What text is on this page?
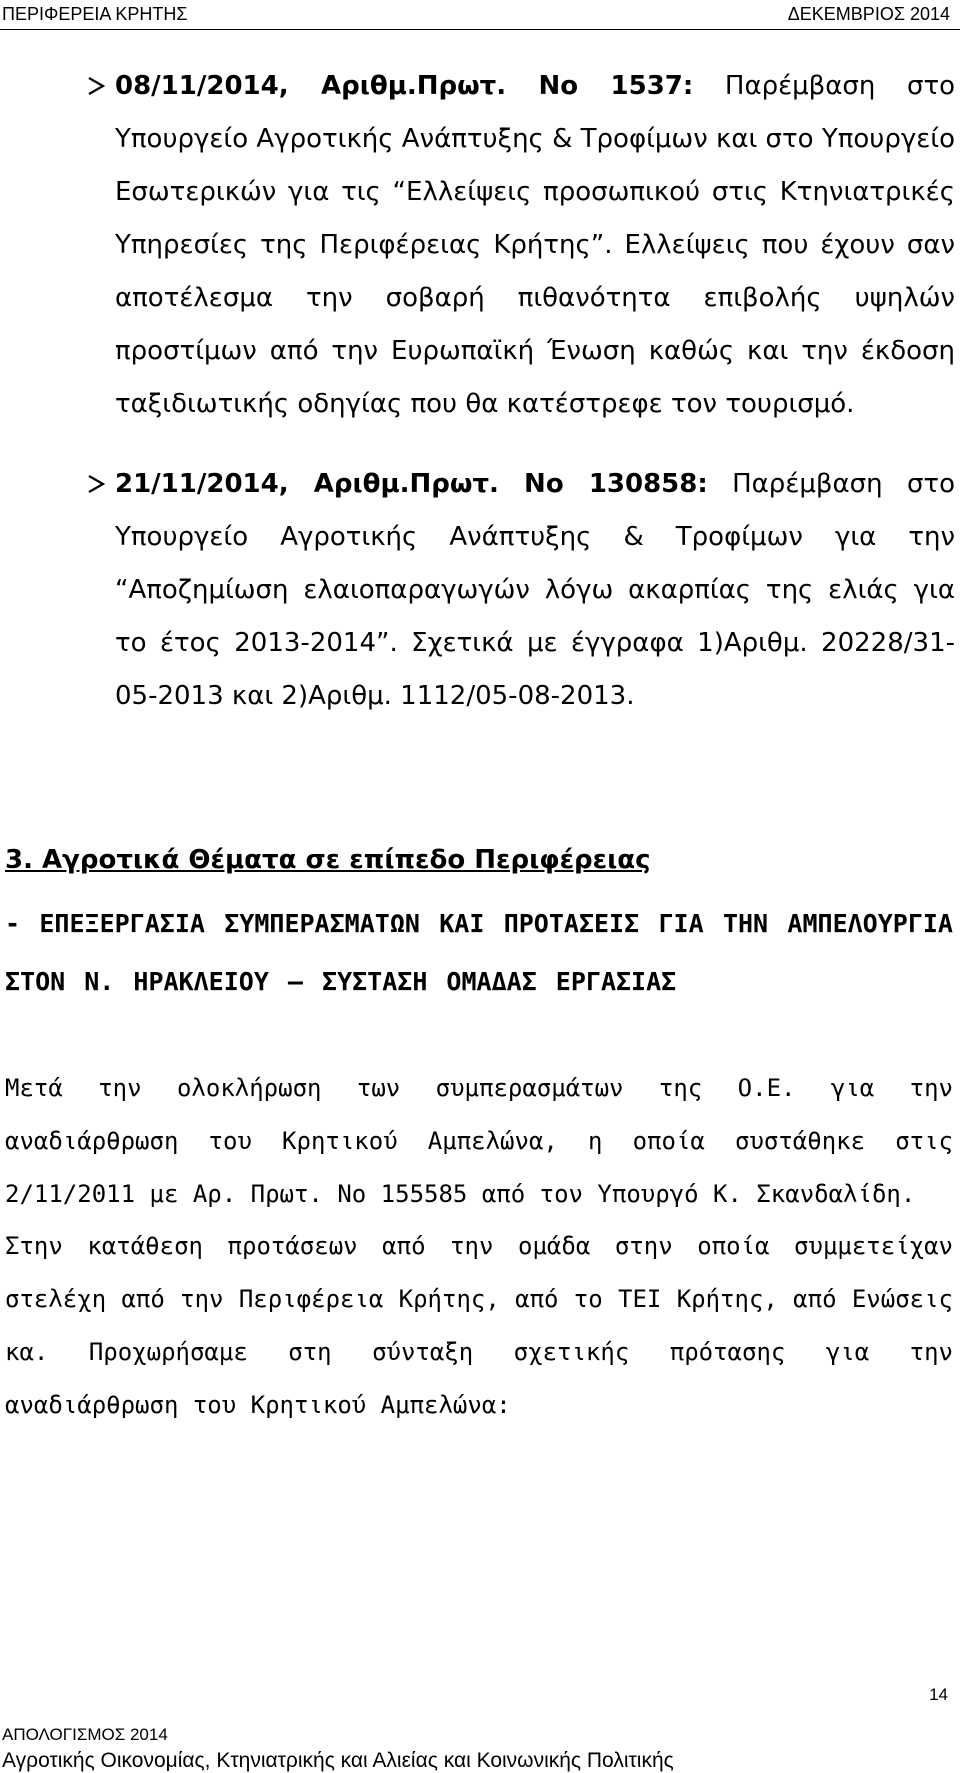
ΠΕΡΙΦΕΡΕΙΑ ΚΡΗΤΗΣ	ΔΕΚΕΜΒΡΙΟΣ 2014
08/11/2014, Αριθμ.Πρωτ. Νο 1537: Παρέμβαση στο Υπουργείο Αγροτικής Ανάπτυξης & Τροφίμων και στο Υπουργείο Εσωτερικών για τις “Ελλείψεις προσωπικού στις Κτηνιατρικές Υπηρεσίες της Περιφέρειας Κρήτης”. Ελλείψεις που έχουν σαν αποτέλεσμα την σοβαρή πιθανότητα επιβολής υψηλών προστίμων από την Ευρωπαϊκή Ένωση καθώς και την έκδοση ταξιδιωτικής οδηγίας που θα κατέστρεφε τον τουρισμό.
21/11/2014, Αριθμ.Πρωτ. Νο 130858: Παρέμβαση στο Υπουργείο Αγροτικής Ανάπτυξης & Τροφίμων για την “Αποζημίωση ελαιοπαραγωγών λόγω ακαρπίας της ελιάς για το έτος 2013-2014”. Σχετικά με έγγραφα 1)Αριθμ. 20228/31-05-2013 και 2)Αριθμ. 1112/05-08-2013.
3. Αγροτικά Θέματα σε επίπεδο Περιφέρειας
- ΕΠΕΞΕΡΓΑΣΙΑ ΣΥΜΠΕΡΑΣΜΑΤΩΝ ΚΑΙ ΠΡΟΤΑΣΕΙΣ ΓΙΑ ΤΗΝ ΑΜΠΕΛΟΥΡΓΙΑ ΣΤΟΝ Ν. ΗΡΑΚΛΕΙΟΥ – ΣΥΣΤΑΣΗ ΟΜΑΔΑΣ ΕΡΓΑΣΙΑΣ
Μετά την ολοκλήρωση των συμπερασμάτων της Ο.Ε. για την αναδιάρθρωση του Κρητικού Αμπελώνα, η οποία συστάθηκε στις 2/11/2011 με Αρ. Πρωτ. Νο 155585 από τον Υπουργό Κ. Σκανδαλίδη.
Στην κατάθεση προτάσεων από την ομάδα στην οποία συμμετείχαν στελέχη από την Περιφέρεια Κρήτης, από το ΤΕΙ Κρήτης, από Ενώσεις κα. Προχωρήσαμε στη σύνταξη σχετικής πρότασης για την αναδιάρθρωση του Κρητικού Αμπελώνα:
14
ΑΠΟΛΟΓΙΣΜΟΣ 2014
Αγροτικής Οικονομίας, Κτηνιατρικής και Αλιείας και Κοινωνικής Πολιτικής
